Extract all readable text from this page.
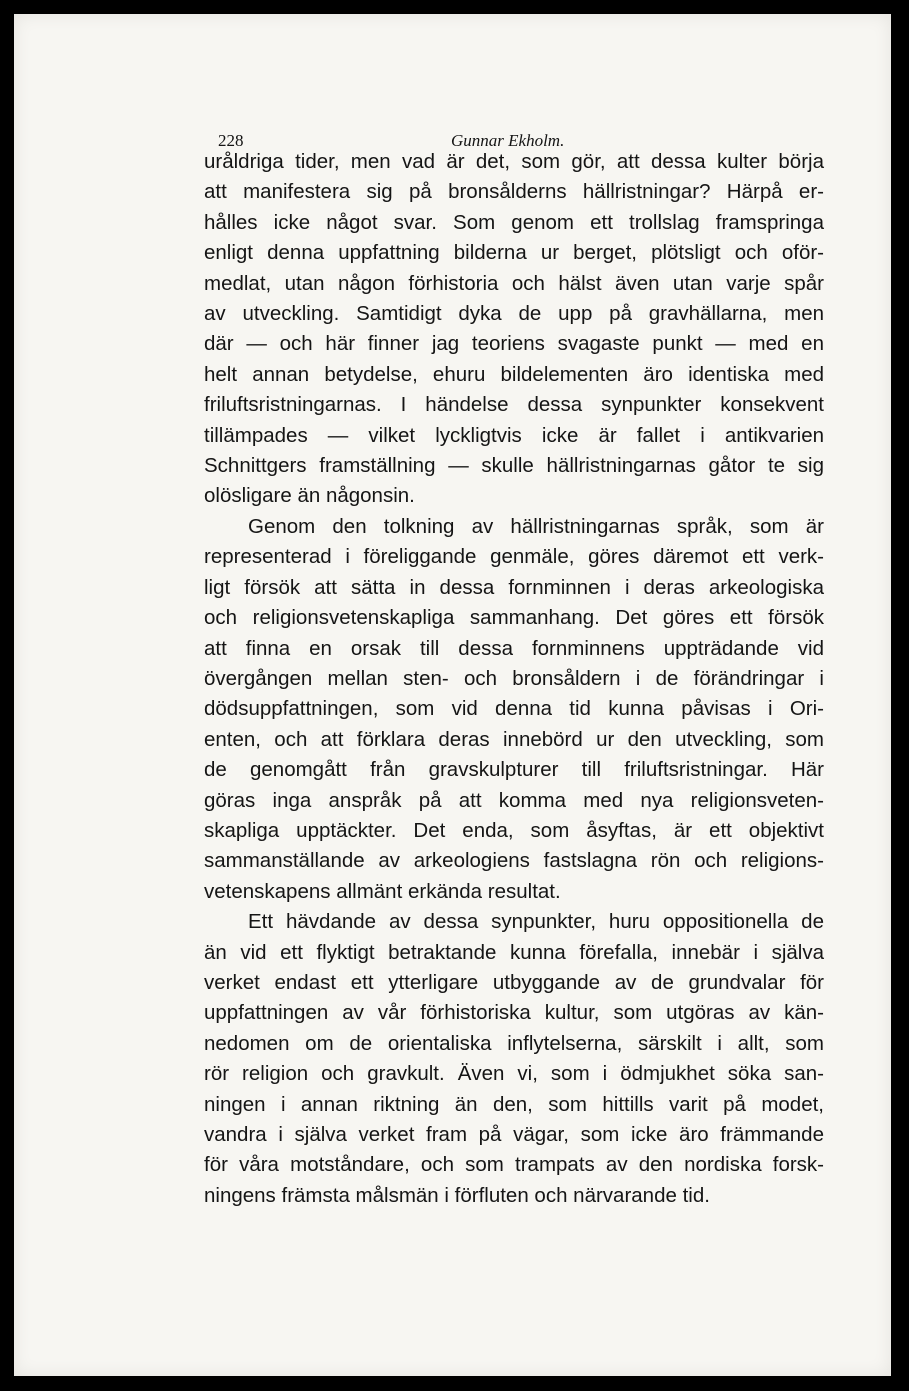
228	Gunnar Ekholm.
uråldriga tider, men vad är det, som gör, att dessa kulter börja
att manifestera sig på bronsålderns hällristningar? Härpå er-
hålles icke något svar. Som genom ett trollslag framspringa
enligt denna uppfattning bilderna ur berget, plötsligt och oför-
medlat, utan någon förhistoria och hälst även utan varje spår
av utveckling. Samtidigt dyka de upp på gravhällarna, men
där — och här finner jag teoriens svagaste punkt — med en
helt annan betydelse, ehuru bildelementen äro identiska med
friluftsristningarnas. I händelse dessa synpunkter konsekvent
tillämpades — vilket lyckligtvis icke är fallet i antikvarien
Schnittgers framställning — skulle hällristningarnas gåtor te sig
olösligare än någonsin.
Genom den tolkning av hällristningarnas språk, som är
representerad i föreliggande genmäle, göres däremot ett verk-
ligt försök att sätta in dessa fornminnen i deras arkeologiska
och religionsvetenskapliga sammanhang. Det göres ett försök
att finna en orsak till dessa fornminnens uppträdande vid
övergången mellan sten- och bronsåldern i de förändringar i
dödsuppfattningen, som vid denna tid kunna påvisas i Ori-
enten, och att förklara deras innebörd ur den utveckling, som
de genomgått från gravskulpturer till friluftsristningar. Här
göras inga anspråk på att komma med nya religionsveten-
skapliga upptäckter. Det enda, som åsyftas, är ett objektivt
sammanställande av arkeologiens fastslagna rön och religions-
vetenskapens allmänt erkända resultat.
Ett hävdande av dessa synpunkter, huru oppositionella de
än vid ett flyktigt betraktande kunna förefalla, innebär i själva
verket endast ett ytterligare utbyggande av de grundvalar för
uppfattningen av vår förhistoriska kultur, som utgöras av kän-
nedomen om de orientaliska inflytelserna, särskilt i allt, som
rör religion och gravkult. Även vi, som i ödmjukhet söka san-
ningen i annan riktning än den, som hittills varit på modet,
vandra i själva verket fram på vägar, som icke äro främmande
för våra motståndare, och som trampats av den nordiska forsk-
ningens främsta målsmän i förfluten och närvarande tid.
